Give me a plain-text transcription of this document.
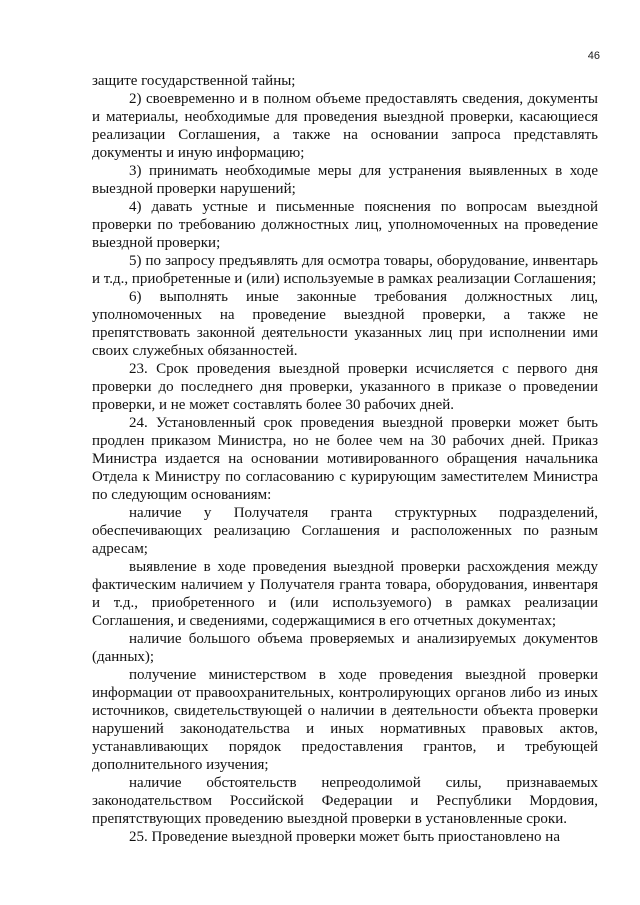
46

защите государственной тайны;

2) своевременно и в полном объеме предоставлять сведения, документы и материалы, необходимые для проведения выездной проверки, касающиеся реализации Соглашения, а также на основании запроса представлять документы и иную информацию;

3) принимать необходимые меры для устранения выявленных в ходе выездной проверки нарушений;

4) давать устные и письменные пояснения по вопросам выездной проверки по требованию должностных лиц, уполномоченных на проведение выездной проверки;

5) по запросу предъявлять для осмотра товары, оборудование, инвентарь и т.д., приобретенные и (или) используемые в рамках реализации Соглашения;

6) выполнять иные законные требования должностных лиц, уполномоченных на проведение выездной проверки, а также не препятствовать законной деятельности указанных лиц при исполнении ими своих служебных обязанностей.

23. Срок проведения выездной проверки исчисляется с первого дня проверки до последнего дня проверки, указанного в приказе о проведении проверки, и не может составлять более 30 рабочих дней.

24. Установленный срок проведения выездной проверки может быть продлен приказом Министра, но не более чем на 30 рабочих дней. Приказ Министра издается на основании мотивированного обращения начальника Отдела к Министру по согласованию с курирующим заместителем Министра по следующим основаниям:

наличие у Получателя гранта структурных подразделений, обеспечивающих реализацию Соглашения и расположенных по разным адресам;

выявление в ходе проведения выездной проверки расхождения между фактическим наличием у Получателя гранта товара, оборудования, инвентаря и т.д., приобретенного и (или используемого) в рамках реализации Соглашения, и сведениями, содержащимися в его отчетных документах;

наличие большого объема проверяемых и анализируемых документов (данных);

получение министерством в ходе проведения выездной проверки информации от правоохранительных, контролирующих органов либо из иных источников, свидетельствующей о наличии в деятельности объекта проверки нарушений законодательства и иных нормативных правовых актов, устанавливающих порядок предоставления грантов, и требующей дополнительного изучения;

наличие обстоятельств непреодолимой силы, признаваемых законодательством Российской Федерации и Республики Мордовия, препятствующих проведению выездной проверки в установленные сроки.

25. Проведение выездной проверки может быть приостановлено на
